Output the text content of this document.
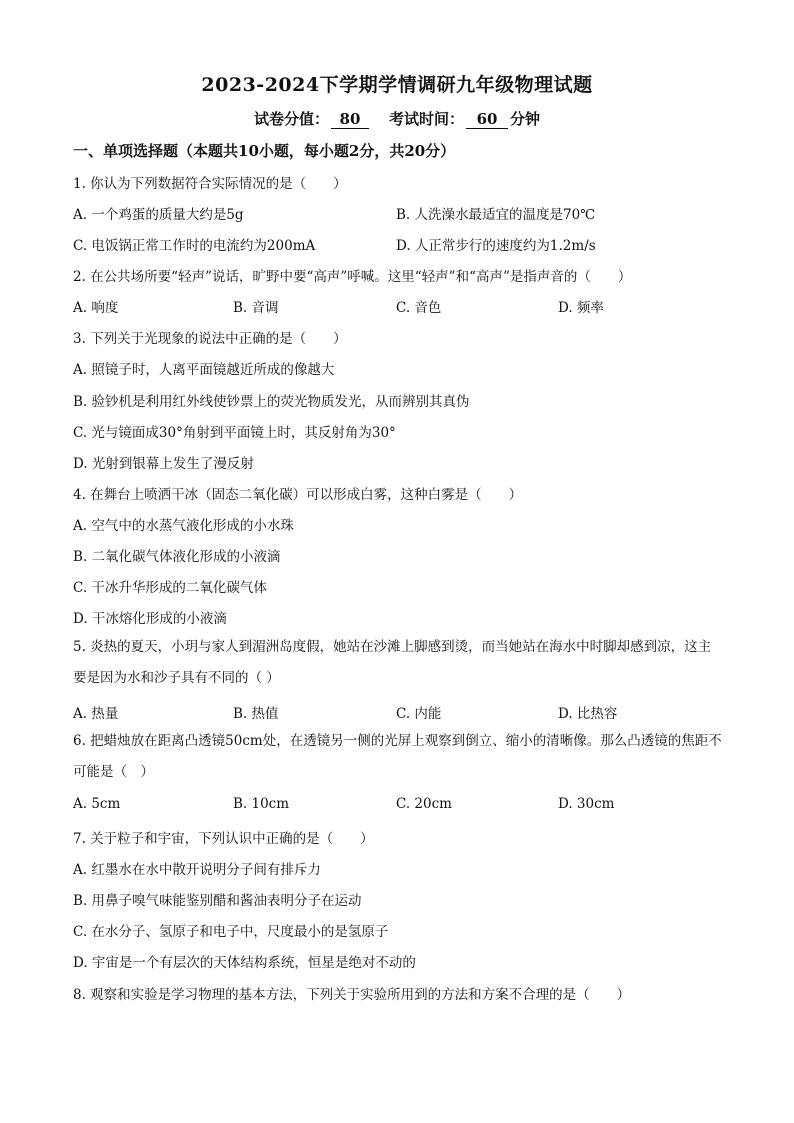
2023-2024下学期学情调研九年级物理试题
试卷分值： 80 考试时间： 60 分钟
一、单项选择题（本题共10小题，每小题2分，共20分）
1. 你认为下列数据符合实际情况的是（　　）
A. 一个鸡蛋的质量大约是5g	B. 人洗澡水最适宜的温度是70℃
C. 电饭锅正常工作时的电流约为200mA	D. 人正常步行的速度约为1.2m/s
2. 在公共场所要“轻声”说话，旷野中要“高声”呼喊。这里“轻声”和“高声”是指声音的（　　）
A. 响度	B. 音调	C. 音色	D. 频率
3. 下列关于光现象的说法中正确的是（　　）
A. 照镜子时，人离平面镜越近所成的像越大
B. 验钞机是利用红外线使钞票上的荧光物质发光，从而辨别其真伪
C. 光与镜面成30°角射到平面镜上时，其反射角为30°
D. 光射到银幕上发生了漫反射
4. 在舞台上喷洒干冰（固态二氧化碳）可以形成白雾，这种白雾是（　　）
A. 空气中的水蒸气液化形成的小水珠
B. 二氧化碳气体液化形成的小液滴
C. 干冰升华形成的二氧化碳气体
D. 干冰熔化形成的小液滴
5. 炎热的夏天，小玥与家人到湄洲岛度假，她站在沙滩上脚感到烫，而当她站在海水中时脚却感到凉，这主要是因为水和沙子具有不同的（ ）
A. 热量	B. 热值	C. 内能	D. 比热容
6. 把蜡烛放在距离凸透镜50cm处，在透镜另一侧的光屏上观察到倒立、缩小的清晰像。那么凸透镜的焦距不可能是（　）
A. 5cm	B. 10cm	C. 20cm	D. 30cm
7. 关于粒子和宇宙，下列认识中正确的是（　　）
A. 红墨水在水中散开说明分子间有排斥力
B. 用鼻子嗅气味能鉴别醋和酱油表明分子在运动
C. 在水分子、氢原子和电子中，尺度最小的是氢原子
D. 宇宙是一个有层次的天体结构系统，恒星是绝对不动的
8. 观察和实验是学习物理的基本方法，下列关于实验所用到的方法和方案不合理的是（　　）
